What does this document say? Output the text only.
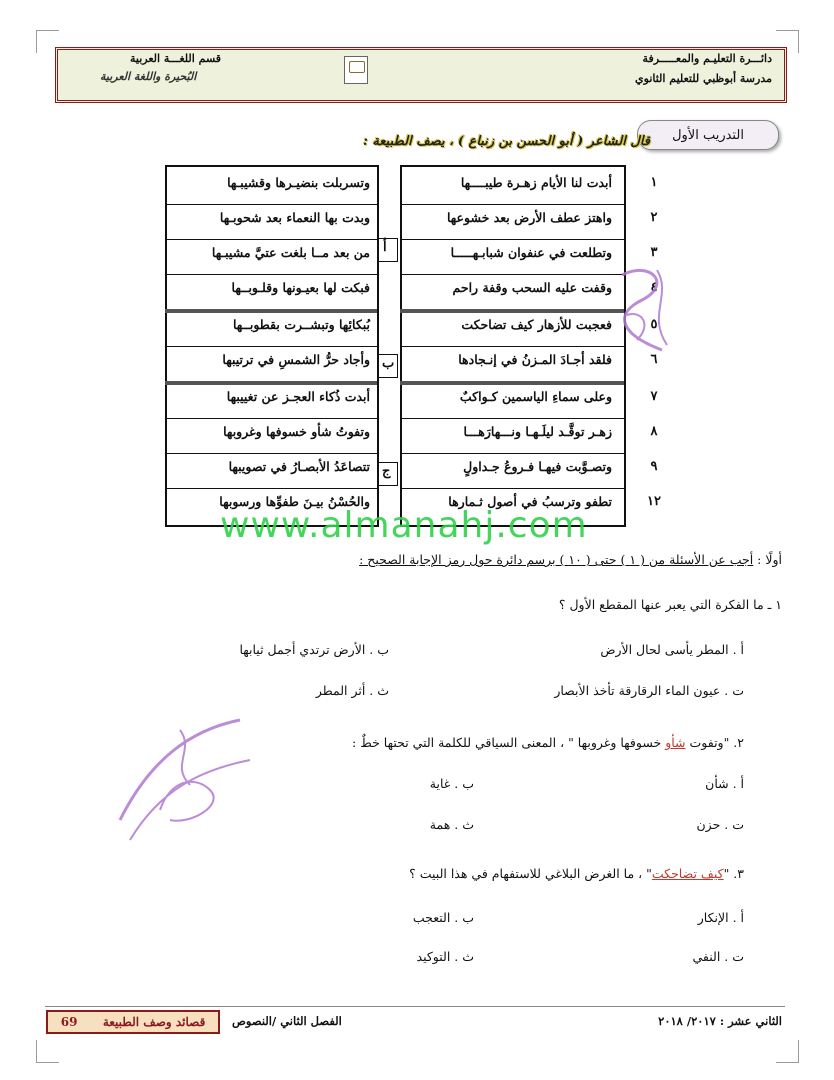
دائـــرة التعليـم والمعـــــرفة
مدرسة أبوظبي للتعليم الثانوي
قسم اللغـــة العربية
البُحيرة واللغة العربية
التدريب الأول
قال الشاعر ( أبو الحسن بن زنباع ) ، يصف الطبيعة :
أ
ب
ج
١
أبدت لنا الأيام زهـرة طيبــــها
وتسربلت بنضيـرها وقشيبـها
٢
واهتز عطف الأرض بعد خشوعها
وبدت بها النعماء بعد شحوبـها
٣
وتطلعت في عنفوان شبابـهـــــا
من بعد مــا بلغت عتيَّ مشيبـها
٤
وقفت عليه السحب وقفة راحم
فبكت لها بعيـونها وقلـوبــها
٥
فعجبت للأزهار كيف تضاحكت
بُبكائِها وتبشــرت بقطوبــها
٦
فلقد أجـادَ المـزنُ في إنـجادها
وأجاد حرُّ الشمسِ في ترتيبها
٧
وعلى سماءِ الياسمين كـواكبٌ
أبدت ذُكاء العجـز عن تغييبها
٨
زهـر توقَّـد ليلَـهـا ونـــهارَهـــا
وتفوتُ شأو خسوفها وغروبها
٩
وتصـوَّبت فيهـا فـروعُ جـداولٍ
تتصاعَدُ الأبصـارُ في تصويبها
١٢
تطفو وترسبُ في أصول ثـمارها
والحُسْنُ بيـنَ طفوِّها ورسوبها
www.almanahj.com
أولًا : أجب عن الأسئلة من ( ١ ) حتى ( ١٠ ) برسم دائرة حول رمز الإجابة الصحيح :
١ ـ ما الفكرة التي يعبر عنها المقطع الأول ؟
أ . المطر يأسى لحال الأرض
ب . الأرض ترتدي أجمل ثيابها
ت . عيون الماء الرقارقة تأخذ الأبصار
ث . أثر المطر
٢. "وتفوت شأو خسوفها وغروبها " ، المعنى السياقي للكلمة التي تحتها خطٌ :
أ . شأن
ب . غاية
ت . حزن
ث . همة
٣. "كيف تضاحكت" ، ما الغرض البلاغي للاستفهام في هذا البيت ؟
أ . الإنكار
ب . التعجب
ت . النفي
ث . التوكيد
الثاني عشر : ٢٠١٧/ ٢٠١٨
الفصل الثاني /النصوص
قصائد وصف الطبيعة
69
